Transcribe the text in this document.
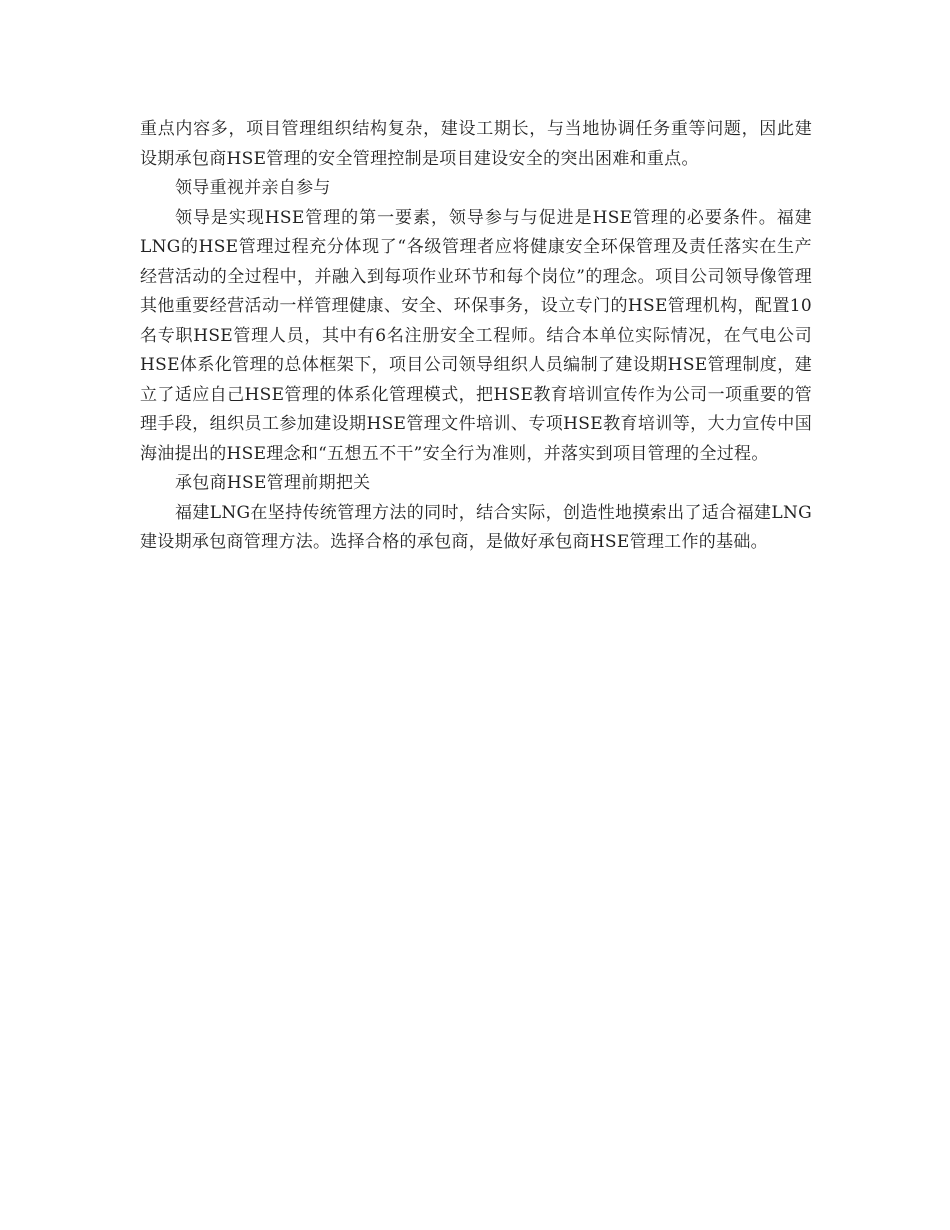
重点内容多，项目管理组织结构复杂，建设工期长，与当地协调任务重等问题，因此建设期承包商HSE管理的安全管理控制是项目建设安全的突出困难和重点。

领导重视并亲自参与

领导是实现HSE管理的第一要素，领导参与与促进是HSE管理的必要条件。福建LNG的HSE管理过程充分体现了“各级管理者应将健康安全环保管理及责任落实在生产经营活动的全过程中，并融入到每项作业环节和每个岗位”的理念。项目公司领导像管理其他重要经营活动一样管理健康、安全、环保事务，设立专门的HSE管理机构，配置10名专职HSE管理人员，其中有6名注册安全工程师。结合本单位实际情况，在气电公司HSE体系化管理的总体框架下，项目公司领导组织人员编制了建设期HSE管理制度，建立了适应自己HSE管理的体系化管理模式，把HSE教育培训宣传作为公司一项重要的管理手段，组织员工参加建设期HSE管理文件培训、专项HSE教育培训等，大力宣传中国海油提出的HSE理念和“五想五不干”安全行为准则，并落实到项目管理的全过程。

承包商HSE管理前期把关

福建LNG在坚持传统管理方法的同时，结合实际，创造性地摸索出了适合福建LNG建设期承包商管理方法。选择合格的承包商，是做好承包商HSE管理工作的基础。
